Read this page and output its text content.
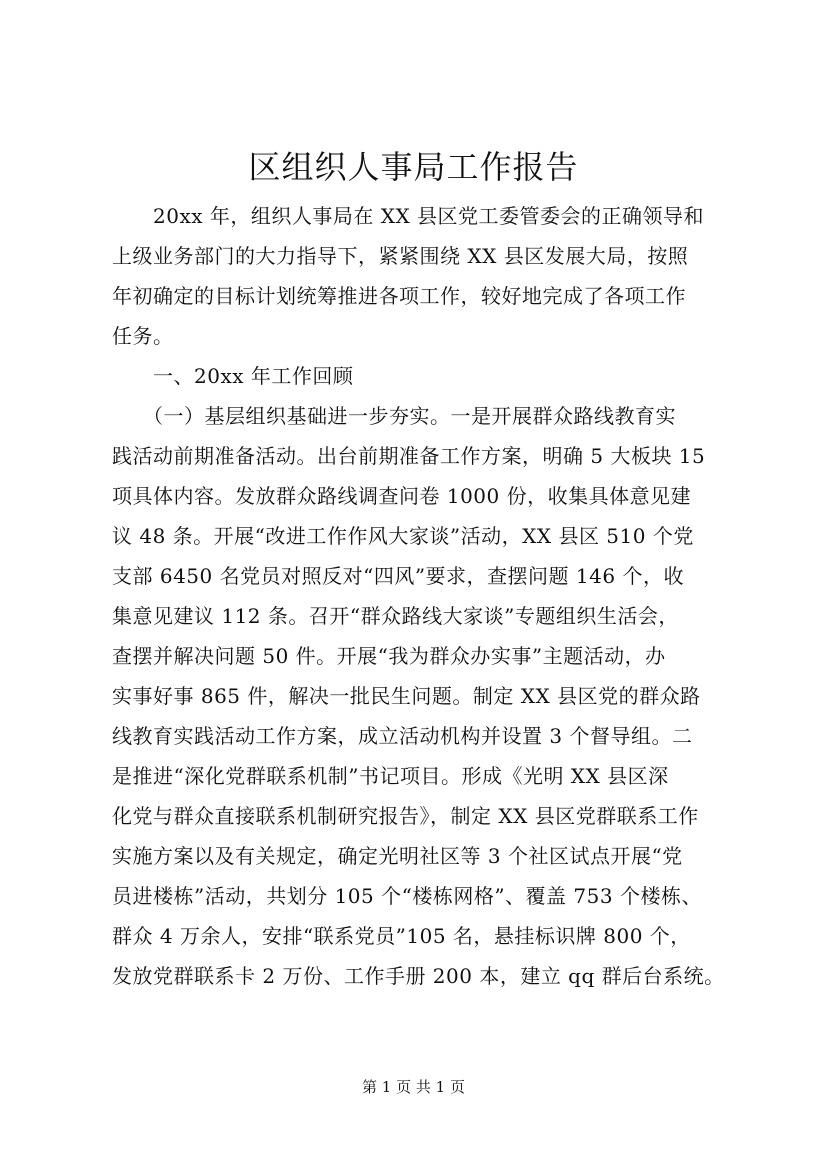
区组织人事局工作报告
　　20xx 年，组织人事局在 XX 县区党工委管委会的正确领导和
上级业务部门的大力指导下，紧紧围绕 XX 县区发展大局，按照
年初确定的目标计划统筹推进各项工作，较好地完成了各项工作
任务。
　　一、20xx 年工作回顾
　　（一）基层组织基础进一步夯实。一是开展群众路线教育实
践活动前期准备活动。出台前期准备工作方案，明确 5 大板块 15
项具体内容。发放群众路线调查问卷 1000 份，收集具体意见建
议 48 条。开展“改进工作作风大家谈”活动，XX 县区 510 个党
支部 6450 名党员对照反对“四风”要求，查摆问题 146 个，收
集意见建议 112 条。召开“群众路线大家谈”专题组织生活会，
查摆并解决问题 50 件。开展“我为群众办实事”主题活动，办
实事好事 865 件，解决一批民生问题。制定 XX 县区党的群众路
线教育实践活动工作方案，成立活动机构并设置 3 个督导组。二
是推进“深化党群联系机制”书记项目。形成《光明 XX 县区深
化党与群众直接联系机制研究报告》，制定 XX 县区党群联系工作
实施方案以及有关规定，确定光明社区等 3 个社区试点开展“党
员进楼栋”活动，共划分 105 个“楼栋网格”、覆盖 753 个楼栋、
群众 4 万余人，安排“联系党员”105 名，悬挂标识牌 800 个，
发放党群联系卡 2 万份、工作手册 200 本，建立 qq 群后台系统。
第 1 页 共 1 页
